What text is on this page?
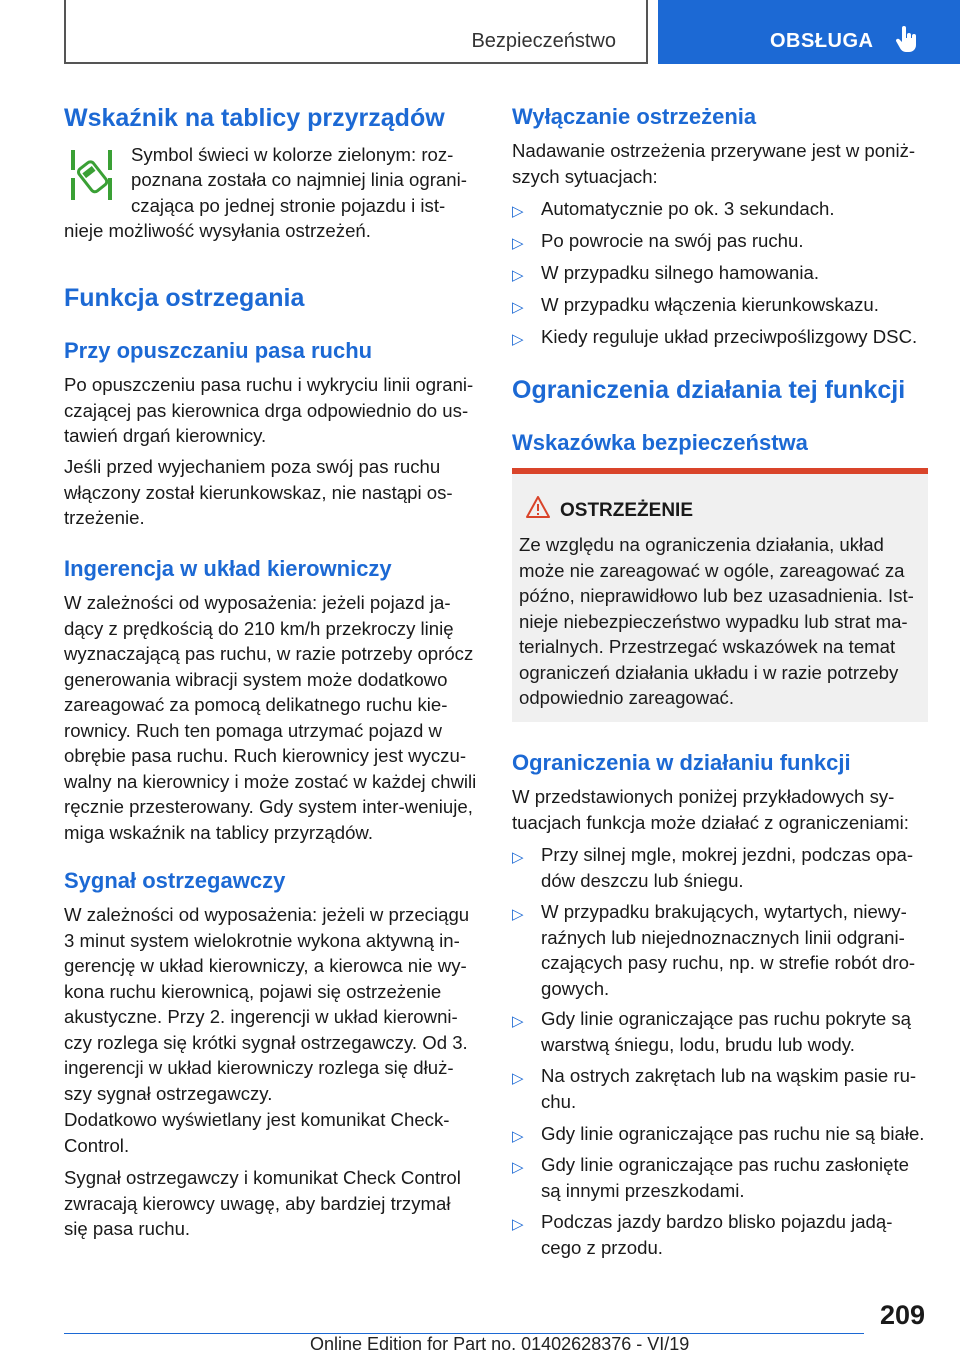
Bezpieczeństwo	OBSŁUGA
Wskaźnik na tablicy przyrządów
Symbol świeci w kolorze zielonym: roz-
poznana została co najmniej linia ograni-
czająca po jednej stronie pojazdu i ist-
nieje możliwość wysyłania ostrzeżeń.
Funkcja ostrzegania
Przy opuszczaniu pasa ruchu
Po opuszczeniu pasa ruchu i wykryciu linii ograni-czającej pas kierownica drga odpowiednio do us-tawień drgań kierownicy.
Jeśli przed wyjechaniem poza swój pas ruchu włączony został kierunkowskaz, nie nastąpi os-trzeżenie.
Ingerencja w układ kierowniczy
W zależności od wyposażenia: jeżeli pojazd ja-dący z prędkością do 210 km/h przekroczy linię wyznaczającą pas ruchu, w razie potrzeby oprócz generowania wibracji system może dodatkowo zareagować za pomocą delikatnego ruchu kie-rownicy. Ruch ten pomaga utrzymać pojazd w obrębie pasa ruchu. Ruch kierownicy jest wyczu-walny na kierownicy i może zostać w każdej chwili ręcznie przesterowany. Gdy system inter-weniuje, miga wskaźnik na tablicy przyrządów.
Sygnał ostrzegawczy
W zależności od wyposażenia: jeżeli w przeciągu 3 minut system wielokrotnie wykona aktywną in-gerencję w układ kierowniczy, a kierowca nie wy-kona ruchu kierownicą, pojawi się ostrzeżenie akustyczne. Przy 2. ingerencji w układ kierowni-czy rozlega się krótki sygnał ostrzegawczy. Od 3. ingerencji w układ kierowniczy rozlega się dłuż-szy sygnał ostrzegawczy.
Dodatkowo wyświetlany jest komunikat Check-Control.
Sygnał ostrzegawczy i komunikat Check Control zwracają kierowcy uwagę, aby bardziej trzymał się pasa ruchu.
Wyłączanie ostrzeżenia
Nadawanie ostrzeżenia przerywane jest w poniż-szych sytuacjach:
▷ Automatycznie po ok. 3 sekundach.
▷ Po powrocie na swój pas ruchu.
▷ W przypadku silnego hamowania.
▷ W przypadku włączenia kierunkowskazu.
▷ Kiedy reguluje układ przeciwpoślizgowy DSC.
Ograniczenia działania tej funkcji
Wskazówka bezpieczeństwa
OSTRZEŻENIE
Ze względu na ograniczenia działania, układ może nie zareagować w ogóle, zareagować za późno, nieprawidłowo lub bez uzasadnienia. Ist-nieje niebezpieczeństwo wypadku lub strat ma-terialnych. Przestrzegać wskazówek na temat ograniczeń działania układu i w razie potrzeby odpowiednio zareagować.
Ograniczenia w działaniu funkcji
W przedstawionych poniżej przykładowych sy-tuacjach funkcja może działać z ograniczeniami:
▷ Przy silnej mgle, mokrej jezdni, podczas opa-dów deszczu lub śniegu.
▷ W przypadku brakujących, wytartych, niewy-raźnych lub niejednoznacznych linii odgrani-czających pasy ruchu, np. w strefie robót dro-gowych.
▷ Gdy linie ograniczające pas ruchu pokryte są warstwą śniegu, lodu, brudu lub wody.
▷ Na ostrych zakrętach lub na wąskim pasie ru-chu.
▷ Gdy linie ograniczające pas ruchu nie są białe.
▷ Gdy linie ograniczające pas ruchu zasłonięte są innymi przeszkodami.
▷ Podczas jazdy bardzo blisko pojazdu jadą-cego z przodu.
209
Online Edition for Part no. 01402628376 - VI/19
